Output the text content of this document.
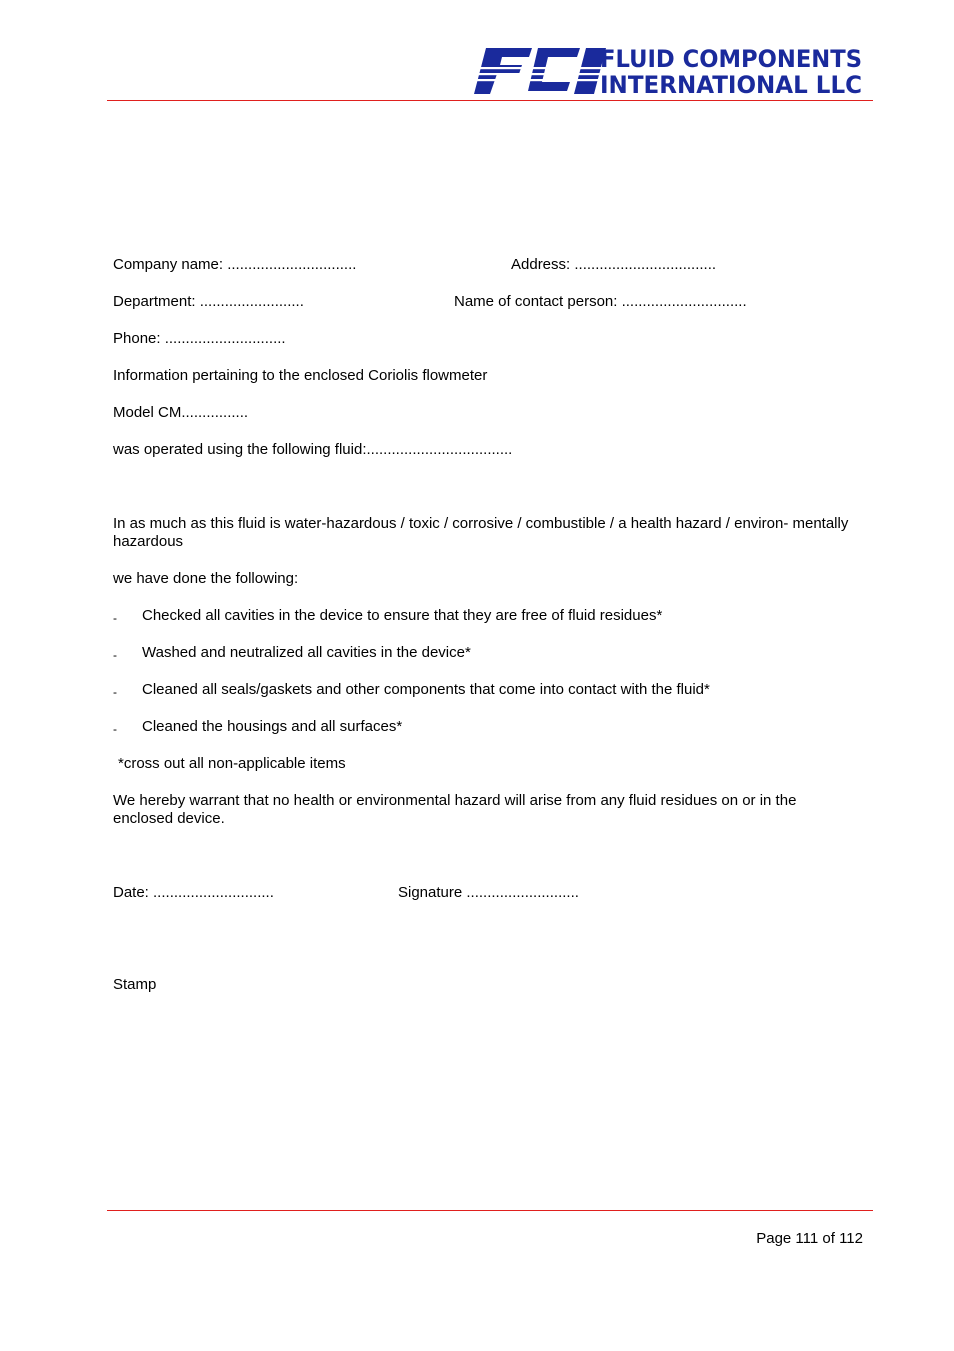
FLUID COMPONENTS
INTERNATIONAL LLC
Company name: ...............................	Address: ..................................
Department: .........................	Name of contact person: ..............................
Phone: .............................
Information pertaining to the enclosed Coriolis flowmeter
Model CM................
was operated using the following fluid:...................................
In as much as this fluid is water-hazardous / toxic / corrosive / combustible / a health hazard / environ- mentally hazardous
we have done the following:
- Checked all cavities in the device to ensure that they are free of fluid residues*
- Washed and neutralized all cavities in the device*
- Cleaned all seals/gaskets and other components that come into contact with the fluid*
- Cleaned the housings and all surfaces*
*cross out all non-applicable items
We hereby warrant that no health or environmental hazard will arise from any fluid residues on or in the enclosed device.
Date: .............................	Signature ...........................
Stamp
Page 111 of 112
